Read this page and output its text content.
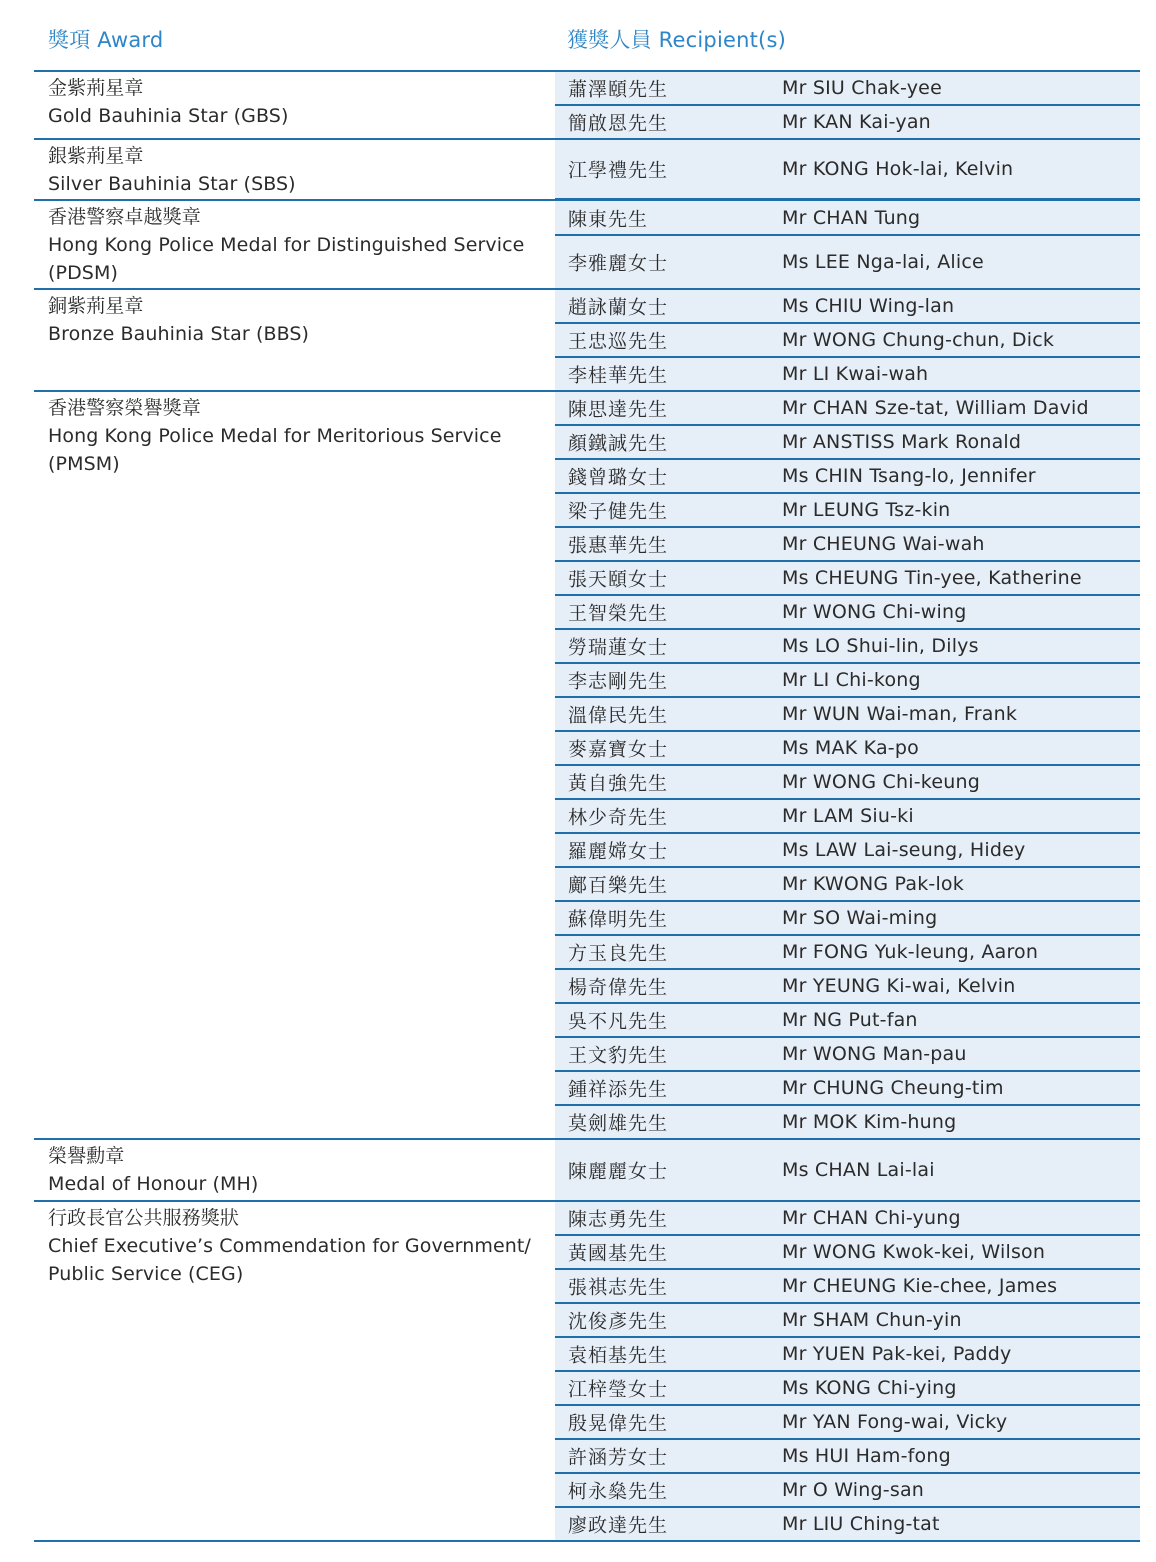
獎項 Award	獲獎人員 Recipient(s)
金紫荊星章
Gold Bauhinia Star (GBS)
蕭澤頤先生	Mr SIU Chak-yee
簡啟恩先生	Mr KAN Kai-yan
銀紫荊星章
Silver Bauhinia Star (SBS)
江學禮先生	Mr KONG Hok-lai, Kelvin
香港警察卓越獎章
Hong Kong Police Medal for Distinguished Service
(PDSM)
陳東先生	Mr CHAN Tung
李雅麗女士	Ms LEE Nga-lai, Alice
銅紫荊星章
Bronze Bauhinia Star (BBS)
趙詠蘭女士	Ms CHIU Wing-lan
王忠巡先生	Mr WONG Chung-chun, Dick
李桂華先生	Mr LI Kwai-wah
香港警察榮譽獎章
Hong Kong Police Medal for Meritorious Service
(PMSM)
陳思達先生	Mr CHAN Sze-tat, William David
顏鐵誠先生	Mr ANSTISS Mark Ronald
錢曾璐女士	Ms CHIN Tsang-lo, Jennifer
梁子健先生	Mr LEUNG Tsz-kin
張惠華先生	Mr CHEUNG Wai-wah
張天頤女士	Ms CHEUNG Tin-yee, Katherine
王智榮先生	Mr WONG Chi-wing
勞瑞蓮女士	Ms LO Shui-lin, Dilys
李志剛先生	Mr LI Chi-kong
溫偉民先生	Mr WUN Wai-man, Frank
麥嘉寶女士	Ms MAK Ka-po
黃自強先生	Mr WONG Chi-keung
林少奇先生	Mr LAM Siu-ki
羅麗嫦女士	Ms LAW Lai-seung, Hidey
鄺百樂先生	Mr KWONG Pak-lok
蘇偉明先生	Mr SO Wai-ming
方玉良先生	Mr FONG Yuk-leung, Aaron
楊奇偉先生	Mr YEUNG Ki-wai, Kelvin
吳不凡先生	Mr NG Put-fan
王文豹先生	Mr WONG Man-pau
鍾祥添先生	Mr CHUNG Cheung-tim
莫劍雄先生	Mr MOK Kim-hung
榮譽勳章
Medal of Honour (MH)
陳麗麗女士	Ms CHAN Lai-lai
行政長官公共服務獎狀
Chief Executive’s Commendation for Government/
Public Service (CEG)
陳志勇先生	Mr CHAN Chi-yung
黃國基先生	Mr WONG Kwok-kei, Wilson
張祺志先生	Mr CHEUNG Kie-chee, James
沈俊彥先生	Mr SHAM Chun-yin
袁栢基先生	Mr YUEN Pak-kei, Paddy
江梓瑩女士	Ms KONG Chi-ying
殷晃偉先生	Mr YAN Fong-wai, Vicky
許涵芳女士	Ms HUI Ham-fong
柯永燊先生	Mr O Wing-san
廖政達先生	Mr LIU Ching-tat
